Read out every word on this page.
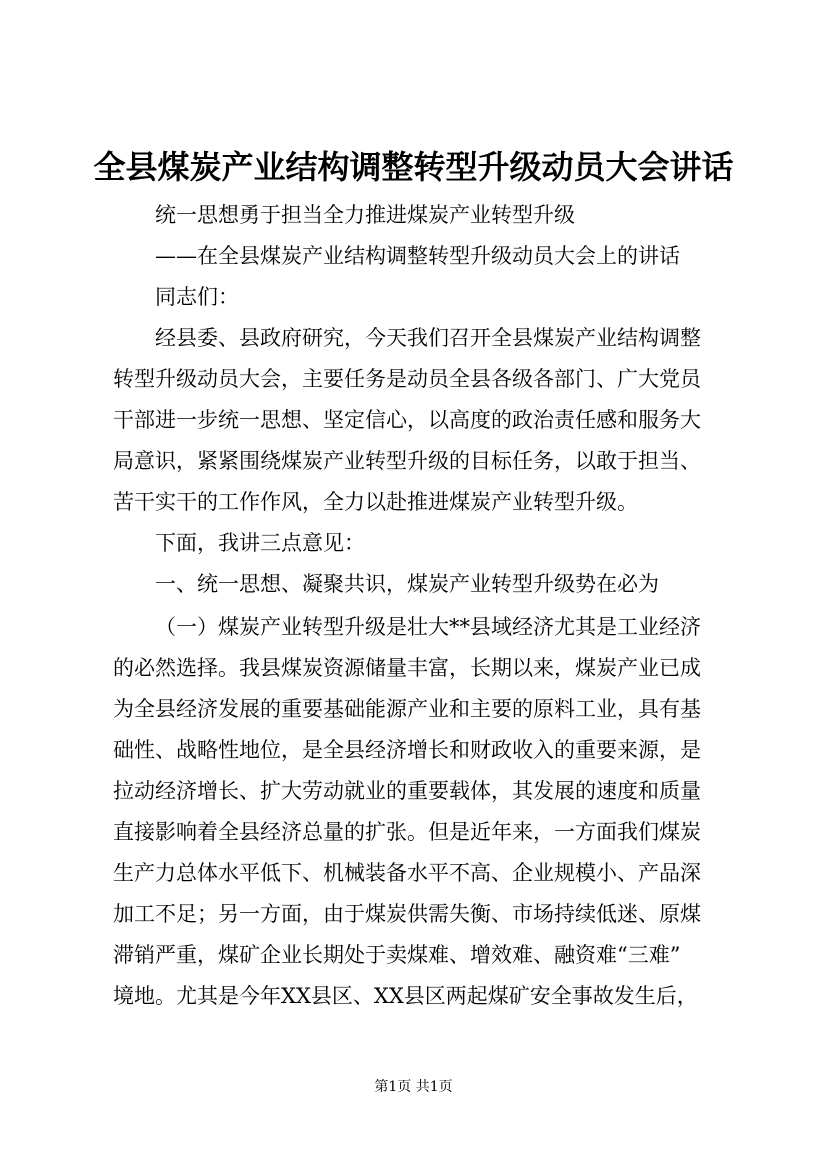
全县煤炭产业结构调整转型升级动员大会讲话
统一思想勇于担当全力推进煤炭产业转型升级
——在全县煤炭产业结构调整转型升级动员大会上的讲话
同志们：
经县委、县政府研究，今天我们召开全县煤炭产业结构调整
转型升级动员大会，主要任务是动员全县各级各部门、广大党员
干部进一步统一思想、坚定信心，以高度的政治责任感和服务大
局意识，紧紧围绕煤炭产业转型升级的目标任务，以敢于担当、
苦干实干的工作作风，全力以赴推进煤炭产业转型升级。
下面，我讲三点意见：
一、统一思想、凝聚共识，煤炭产业转型升级势在必为
（一）煤炭产业转型升级是壮大**县域经济尤其是工业经济
的必然选择。我县煤炭资源储量丰富，长期以来，煤炭产业已成
为全县经济发展的重要基础能源产业和主要的原料工业，具有基
础性、战略性地位，是全县经济增长和财政收入的重要来源，是
拉动经济增长、扩大劳动就业的重要载体，其发展的速度和质量
直接影响着全县经济总量的扩张。但是近年来，一方面我们煤炭
生产力总体水平低下、机械装备水平不高、企业规模小、产品深
加工不足；另一方面，由于煤炭供需失衡、市场持续低迷、原煤
滞销严重，煤矿企业长期处于卖煤难、增效难、融资难“三难”
境地。尤其是今年XX县区、XX县区两起煤矿安全事故发生后，
第1页 共1页
